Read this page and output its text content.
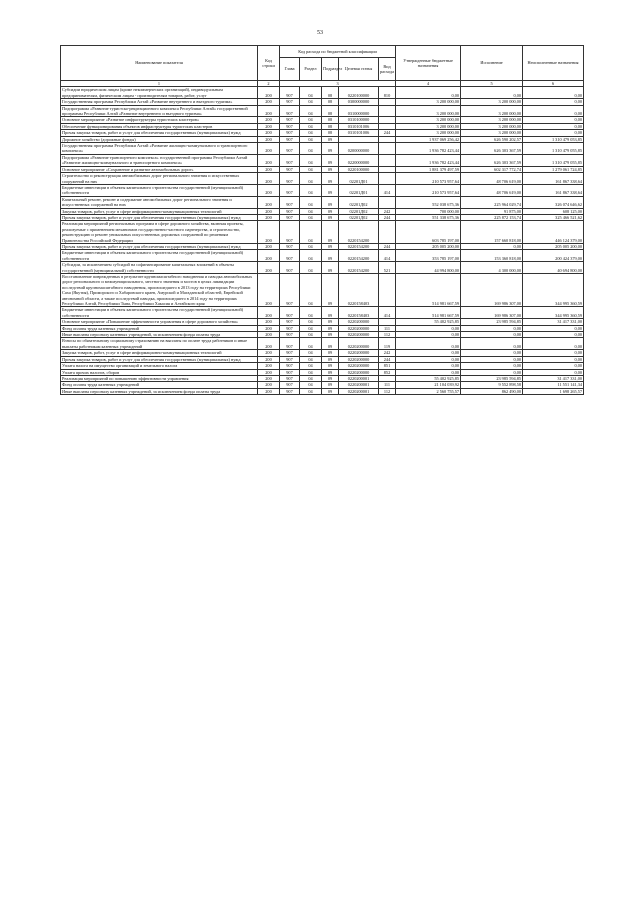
53
Наименование показателя	Код строки	Код расхода по бюджетной классификации					Утвержденные бюджетные назначения	Исполнение	Неисполненные назначения
		Глава	Раздел	Подраздел	Целевая статья	Вид расхода			
1	2	3					4	5	6
Субсидии юридическим лицам (кроме некоммерческих организаций), индивидуальным предпринимателям, физическим лицам - производителям товаров, работ, услуг	200	907	04	08	0220100000	810	0,00	0,00	0,00
Государственная программа Республики Алтай «Развитие внутреннего и въездного туризма»	200	907	04	08	0300000000		3 200 000,00	3 200 000,00	0,00
Подпрограмма «Развитие туристско-рекреационного комплекса Республики Алтай» государственной программы Республики Алтай «Развитие внутреннего и въездного туризма»	200	907	04	08	0310000000		3 200 000,00	3 200 000,00	0,00
Основное мероприятие «Развитие инфраструктуры туристских кластеров»	200	907	04	08	0310100000		3 200 000,00	3 200 000,00	0,00
Обеспечение функционирования объектов инфраструктуры туристских кластеров	200	907	04	08	0310101006		3 200 000,00	3 200 000,00	0,00
Прочая закупка товаров, работ и услуг для обеспечения государственных (муниципальных) нужд	200	907	04	08	0310101006	244	3 200 000,00	3 200 000,00	0,00
Дорожное хозяйство (дорожные фонды)	200	907	04	09			1 937 069 256,42	626 590 202,57	1 310 479 053,85
Государственная программа Республики Алтай «Развитие жилищно-коммунального и транспортного комплекса»	200	907	04	09	0200000000		1 936 782 423,44	626 303 367,59	1 310 479 055,85
Подпрограмма «Развитие транспортного комплекса» государственной программы Республики Алтай «Развитие жилищно-коммунального и транспортного комплекса»	200	907	04	09	0220000000		1 936 782 423,44	626 303 367,59	1 310 479 055,85
Основное мероприятие «Сохранение и развитие автомобильных дорог»	200	907	04	09	0220100000		1 881 379 497,59	602 317 772,74	1 279 061 724,85
Строительство и реконструкция автомобильных дорог регионального значения и искусственных сооружений на них	200	907	04	09	02201Д01		210 573 957,64	48 706 619,00	161 867 338,64
Бюджетные инвестиции в объекты капитального строительства государственной (муниципальной) собственности	200	907	04	09	02201Д01	414	210 573 957,64	48 706 619,00	161 867 338,64
Капитальный ремонт, ремонт и содержание автомобильных дорог регионального значения и искусственных сооружений на них	200	907	04	09	02201Д02		552 038 675,36	225 964 029,74	326 074 646,62
Закупка товаров, работ, услуг в сфере информационно-коммуникационных технологий	200	907	04	09	02201Д02	242	700 000,00	91 875,00	608 125,00
Прочая закупка товаров, работ и услуг для обеспечения государственных (муниципальных) нужд	200	907	04	09	02201Д02	244	551 338 675,36	225 872 153,74	325 466 521,62
Реализация мероприятий региональных программ в сфере дорожного хозяйства, включая проекты, реализуемые с применением механизмов государственно-частного партнерства, и строительство, реконструкцию и ремонт уникальных искусственных дорожных сооружений по решениям Правительства Российской Федерации	200	907	04	09	0220154200		603 785 197,00	157 660 818,00	446 124 379,00
Прочая закупка товаров, работ и услуг для обеспечения государственных (муниципальных) нужд	200	907	04	09	0220154200	244	205 005 200,00	0,00	205 005 200,00
Бюджетные инвестиции в объекты капитального строительства государственной (муниципальной) собственности	200	907	04	09	0220154200	414	353 785 197,00	153 360 818,00	200 424 379,00
Субсидии, за исключением субсидий на софинансирование капитальных вложений в объекты государственной (муниципальной) собственности	200	907	04	09	0220154200	521	44 994 800,00	4 300 000,00	40 694 800,00
Восстановление поврежденных в результате крупномасштабного наводнения и паводка автомобильных дорог регионального и межмуниципального, местного значения и мостов в целях ликвидации последствий крупномасштабного наводнения, произошедшего в 2013 году на территориях Республики Саха (Якутия), Приморского и Хабаровского краев, Амурской и Магаданской областей, Еврейской автономной области, а также последствий паводка, произошедшего в 2014 году на территориях Республики Алтай, Республики Тыва, Республики Хакасия и Алтайского края	200	907	04	09	0220158403		514 981 667,59	169 986 307,00	344 995 360,59
Бюджетные инвестиции в объекты капитального строительства государственной (муниципальной) собственности	200	907	04	09	0220158403	414	514 981 667,59	169 986 307,00	344 995 360,59
Основное мероприятие «Повышение эффективности управления в сфере дорожного хозяйства»	200	907	04	09	0220200000		55 402 925,85	23 985 594,85	31 417 331,00
Фонд оплаты труда казенных учреждений	200	907	04	09	0220200000	111	0,00	0,00	0,00
Иные выплаты персоналу казенных учреждений, за исключением фонда оплаты труда	200	907	04	09	0220200000	112	0,00	0,00	0,00
Взносы по обязательному социальному страхованию на выплаты по оплате труда работников и иные выплаты работникам казенных учреждений	200	907	04	09	0220200000	119	0,00	0,00	0,00
Закупка товаров, работ, услуг в сфере информационно-коммуникационных технологий	200	907	04	09	0220200000	242	0,00	0,00	0,00
Прочая закупка товаров, работ и услуг для обеспечения государственных (муниципальных) нужд	200	907	04	09	0220200000	244	0,00	0,00	0,00
Уплата налога на имущество организаций и земельного налога	200	907	04	09	0220200000	851	0,00	0,00	0,00
Уплата прочих налогов, сборов	200	907	04	09	0220200000	852	0,00	0,00	0,00
Реализация мероприятий по повышению эффективности управления	200	907	04	09	0220200001		55 402 925,85	23 985 594,85	31 417 331,00
Фонд оплаты труда казенных учреждений	200	907	04	09	0220200001	111	21 104 039,92	9 552 898,58	11 551 141,34
Иные выплаты персоналу казенных учреждений, за исключением фонда оплаты труда	200	907	04	09	0220200001	112	2 560 755,57	862 490,00	1 698 265,57
